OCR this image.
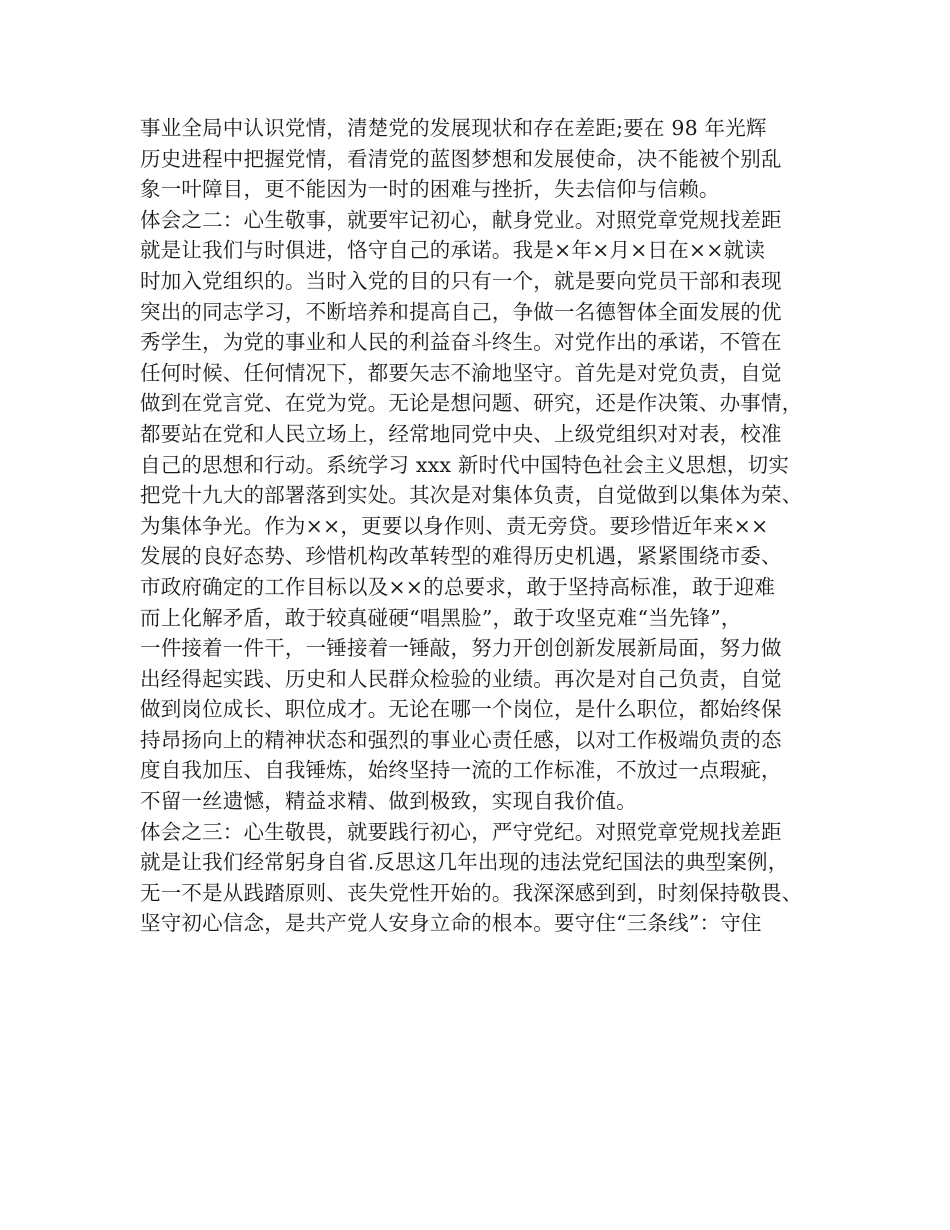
事业全局中认识党情，清楚党的发展现状和存在差距;要在 98 年光辉
历史进程中把握党情，看清党的蓝图梦想和发展使命，决不能被个别乱
象一叶障目，更不能因为一时的困难与挫折，失去信仰与信赖。
体会之二：心生敬事，就要牢记初心，献身党业。对照党章党规找差距
就是让我们与时俱进，恪守自己的承诺。我是×年×月×日在××就读
时加入党组织的。当时入党的目的只有一个，就是要向党员干部和表现
突出的同志学习，不断培养和提高自己，争做一名德智体全面发展的优
秀学生，为党的事业和人民的利益奋斗终生。对党作出的承诺，不管在
任何时候、任何情况下，都要矢志不渝地坚守。首先是对党负责，自觉
做到在党言党、在党为党。无论是想问题、研究，还是作决策、办事情，
都要站在党和人民立场上，经常地同党中央、上级党组织对对表，校准
自己的思想和行动。系统学习 xxx 新时代中国特色社会主义思想，切实
把党十九大的部署落到实处。其次是对集体负责，自觉做到以集体为荣、
为集体争光。作为××，更要以身作则、责无旁贷。要珍惜近年来××
发展的良好态势、珍惜机构改革转型的难得历史机遇，紧紧围绕市委、
市政府确定的工作目标以及××的总要求，敢于坚持高标准，敢于迎难
而上化解矛盾，敢于较真碰硬“唱黑脸”，敢于攻坚克难“当先锋”，
一件接着一件干，一锤接着一锤敲，努力开创创新发展新局面，努力做
出经得起实践、历史和人民群众检验的业绩。再次是对自己负责，自觉
做到岗位成长、职位成才。无论在哪一个岗位，是什么职位，都始终保
持昂扬向上的精神状态和强烈的事业心责任感，以对工作极端负责的态
度自我加压、自我锤炼，始终坚持一流的工作标准，不放过一点瑕疵，
不留一丝遗憾，精益求精、做到极致，实现自我价值。
体会之三：心生敬畏，就要践行初心，严守党纪。对照党章党规找差距
就是让我们经常躬身自省.反思这几年出现的违法党纪国法的典型案例，
无一不是从践踏原则、丧失党性开始的。我深深感到到，时刻保持敬畏、
坚守初心信念，是共产党人安身立命的根本。要守住“三条线”：守住
